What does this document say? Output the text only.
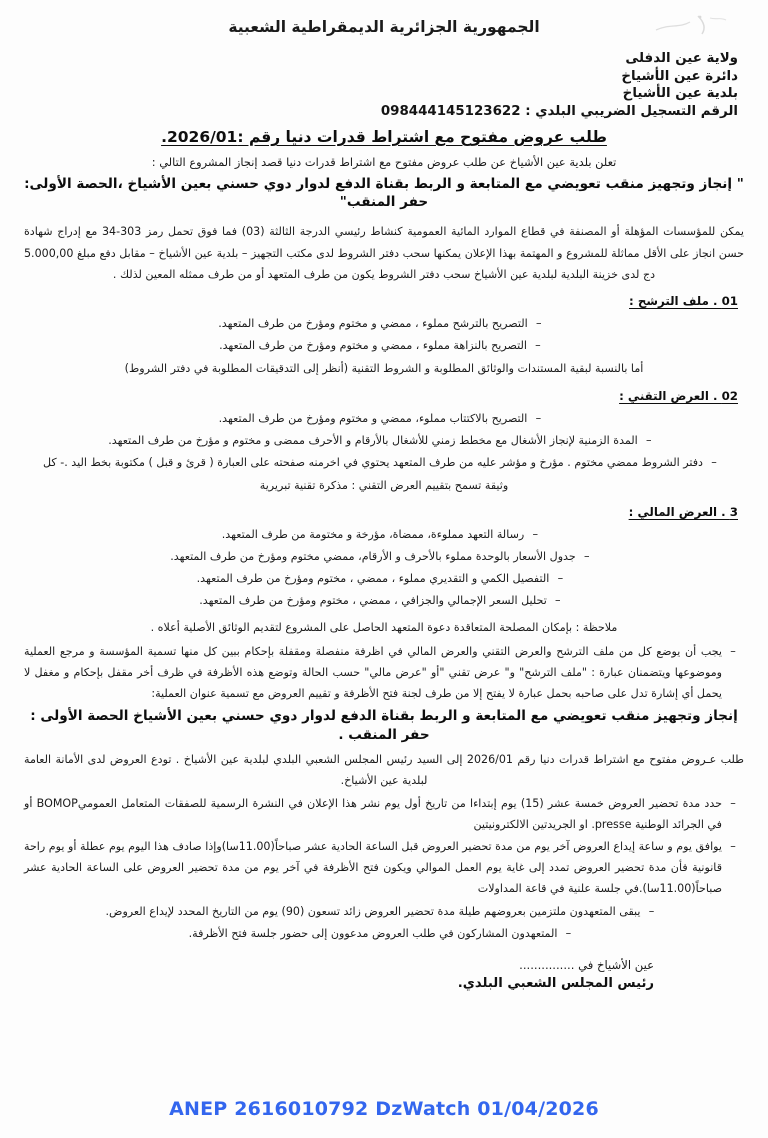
الجمهورية الجزائرية الديمقراطية الشعبية
ولاية عين الدفلى
دائرة عين الأشياخ
بلدية عين الأشياخ
الرقم التسجيل الضريبي البلدي : 098444145123622
طلب عروض مفتوح مع اشتراط قدرات دنيا رقم :2026/01.
تعلن بلدية عين الأشياخ عن طلب عروض مفتوح مع اشتراط قدرات دنيا قصد إنجاز المشروع التالي :
" إنجاز وتجهيز منقب تعويضي مع المتابعة و الربط بقناة الدفع لدوار دوي حسني بعين الأشياخ ،الحصة الأولى: حفر المنقب"
يمكن للمؤسسات المؤهلة أو المصنفة في قطاع الموارد المائية العمومية كنشاط رئيسي الدرجة الثالثة (03) فما فوق تحمل رمز 303-34 مع إدراج شهادة حسن انجاز على الأقل مماثلة للمشروع و المهتمة بهذا الإعلان يمكنها سحب دفتر الشروط لدى مكتب التجهيز – بلدية عين الأشياخ – مقابل دفع مبلغ 5.000,00 دج لدى خزينة البلدية لبلدية عين الأشياخ سحب دفتر الشروط يكون من طرف المتعهد أو من طرف ممثله المعين لذلك .
01 . ملف الترشح :
–
التصريح بالترشح مملوء ، ممضي و مختوم ومؤرخ من طرف المتعهد.
–
التصريح بالنزاهة مملوء ، ممضي و مختوم ومؤرخ من طرف المتعهد.
أما بالنسبة لبقية المستندات والوثائق المطلوبة و الشروط التقنية (أنظر إلى التدقيقات المطلوبة في دفتر الشروط)
02 . العرض التقني :
–
التصريح بالاكتتاب مملوء، ممضي و مختوم ومؤرخ من طرف المتعهد.
–
المدة الزمنية لإنجاز الأشغال مع مخطط زمني للأشغال بالأرقام و الأحرف ممضى و مختوم و مؤرخ من طرف المتعهد.
–
دفتر الشروط ممضي مختوم . مؤرخ و مؤشر عليه من طرف المتعهد يحتوي في اخرمنه صفحته على العبارة ( قرئ و قبل ) مكتوبة بخط اليد .- كل
وثيقة تسمح بتقييم العرض التقني : مذكرة تقنية تبريرية
3 . العرض المالي :
–
رسالة التعهد مملوءة، ممضاة، مؤرخة و مختومة من طرف المتعهد.
–
جدول الأسعار بالوحدة مملوء بالأحرف و الأرقام، ممضي مختوم ومؤرخ من طرف المتعهد.
–
التفصيل الكمي و التقديري مملوء ، ممضي ، مختوم ومؤرخ من طرف المتعهد.
–
تحليل السعر الإجمالي والجزافي ، ممضي ، مختوم ومؤرخ من طرف المتعهد.
ملاحظة : بإمكان المصلحة المتعاقدة دعوة المتعهد الحاصل على المشروع لتقديم الوثائق الأصلية أعلاه .
–
يجب أن يوضع كل من ملف الترشح والعرض التقني والعرض المالي في اظرفة منفصلة ومقفلة بإحكام ببين كل منها تسمية المؤسسة و مرجع العملية وموضوعها ويتضمنان عبارة : "ملف الترشح" و" عرض تقني "أو "عرض مالي" حسب الحالة وتوضع هذه الأظرفة في ظرف أخر مقفل بإحكام و مغفل لا يحمل أي إشارة تدل على صاحبه بحمل عبارة لا يفتح إلا من طرف لجنة فتح الأظرفة و تقييم العروض مع تسمية عنوان العملية:
إنجاز وتجهيز منقب تعويضي مع المتابعة و الربط بقناة الدفع لدوار دوي حسني بعين الأشياخ الحصة الأولى : حفر المنقب .
طلب عـروض مفتوح مع اشتراط قدرات دنيا رقم 2026/01 إلى السيد رئيس المجلس الشعبي البلدي لبلدية عين الأشياخ . تودع العروض لدى الأمانة العامة لبلدية عين الأشياخ.
–
حدد مدة تحضير العروض خمسة عشر (15) يوم إبتداءا من تاريخ أول يوم نشر هذا الإعلان في النشرة الرسمية للصفقات المتعامل العموميBOMOP أو في الجرائد الوطنية presse. او الجريدتين الالكترونيتين
–
يوافق يوم و ساعة إيداع العروض آخر يوم من مدة تحضير العروض قبل الساعة الحادية عشر صباحاً(11.00سا)وإذا صادف هذا اليوم يوم عطلة أو يوم راحة قانونية فأن مدة تحضير العروض تمدد إلى غاية يوم العمل الموالي ويكون فتح الأظرفة في آخر يوم من مدة تحضير العروض على الساعة الحادية عشر صباحاً(11.00سا).في جلسة علنية في قاعة المداولات
–
يبقى المتعهدون ملتزمين بعروضهم طيلة مدة تحضير العروض زائد تسعون (90) يوم من التاريخ المحدد لإيداع العروض.
–
المتعهدون المشاركون في طلب العروض مدعوون إلى حضور جلسة فتح الأظرفة.
عين الأشياخ في ...............
رئيس المجلس الشعبي البلدي.
ANEP 2616010792 DzWatch 01/04/2026
